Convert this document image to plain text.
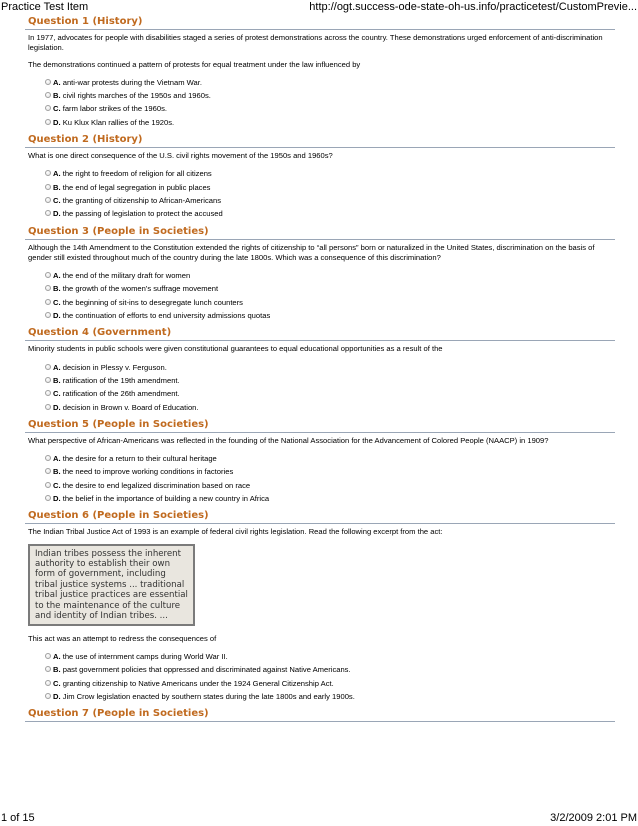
Practice Test Item	http://ogt.success-ode-state-oh-us.info/practicetest/CustomPrevie...
Question 1 (History)

In 1977, advocates for people with disabilities staged a series of protest demonstrations across the country. These demonstrations urged enforcement of anti-discrimination legislation.

The demonstrations continued a pattern of protests for equal treatment under the law influenced by

A. anti-war protests during the Vietnam War.
B. civil rights marches of the 1950s and 1960s.
C. farm labor strikes of the 1960s.
D. Ku Klux Klan rallies of the 1920s.
Question 2 (History)

What is one direct consequence of the U.S. civil rights movement of the 1950s and 1960s?

A. the right to freedom of religion for all citizens
B. the end of legal segregation in public places
C. the granting of citizenship to African-Americans
D. the passing of legislation to protect the accused
Question 3 (People in Societies)

Although the 14th Amendment to the Constitution extended the rights of citizenship to “all persons” born or naturalized in the United States, discrimination on the basis of gender still existed throughout much of the country during the late 1800s. Which was a consequence of this discrimination?

A. the end of the military draft for women
B. the growth of the women's suffrage movement
C. the beginning of sit-ins to desegregate lunch counters
D. the continuation of efforts to end university admissions quotas
Question 4 (Government)

Minority students in public schools were given constitutional guarantees to equal educational opportunities as a result of the

A. decision in Plessy v. Ferguson.
B. ratification of the 19th amendment.
C. ratification of the 26th amendment.
D. decision in Brown v. Board of Education.
Question 5 (People in Societies)

What perspective of African-Americans was reflected in the founding of the National Association for the Advancement of Colored People (NAACP) in 1909?

A. the desire for a return to their cultural heritage
B. the need to improve working conditions in factories
C. the desire to end legalized discrimination based on race
D. the belief in the importance of building a new country in Africa
Question 6 (People in Societies)

The Indian Tribal Justice Act of 1993 is an example of federal civil rights legislation. Read the following excerpt from the act:

Indian tribes possess the inherent
authority to establish their own
form of government, including
tribal justice systems ... traditional
tribal justice practices are essential
to the maintenance of the culture
and identity of Indian tribes. ...

This act was an attempt to redress the consequences of

A. the use of internment camps during World War II.
B. past government policies that oppressed and discriminated against Native Americans.
C. granting citizenship to Native Americans under the 1924 General Citizenship Act.
D. Jim Crow legislation enacted by southern states during the late 1800s and early 1900s.
Question 7 (People in Societies)
1 of 15	3/2/2009 2:01 PM
